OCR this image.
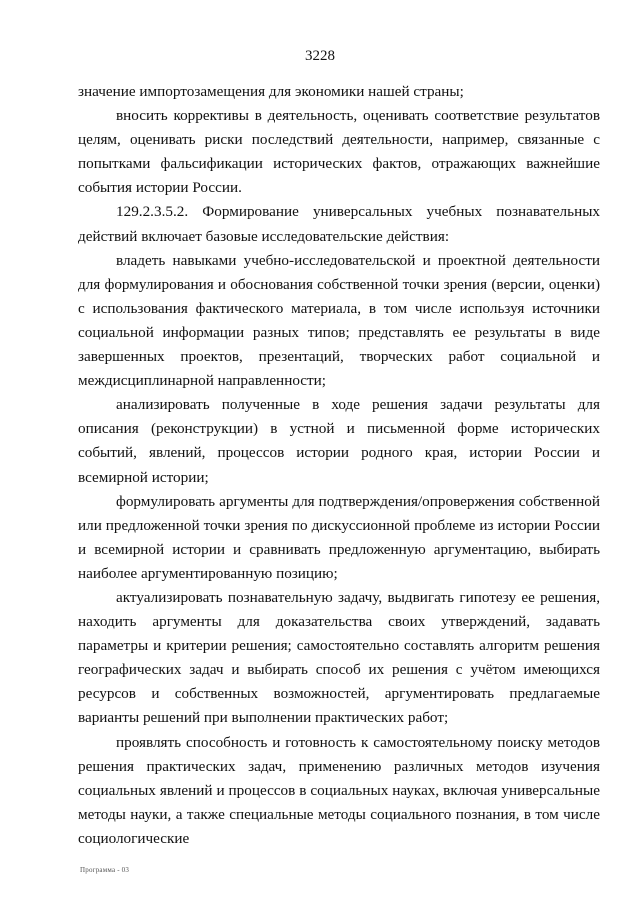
3228

значение импортозамещения для экономики нашей страны;

вносить коррективы в деятельность, оценивать соответствие результатов целям, оценивать риски последствий деятельности, например, связанные с попытками фальсификации исторических фактов, отражающих важнейшие события истории России.

129.2.3.5.2. Формирование универсальных учебных познавательных действий включает базовые исследовательские действия:

владеть навыками учебно-исследовательской и проектной деятельности для формулирования и обоснования собственной точки зрения (версии, оценки) с использования фактического материала, в том числе используя источники социальной информации разных типов; представлять ее результаты в виде завершенных проектов, презентаций, творческих работ социальной и междисциплинарной направленности;

анализировать полученные в ходе решения задачи результаты для описания (реконструкции) в устной и письменной форме исторических событий, явлений, процессов истории родного края, истории России и всемирной истории;

формулировать аргументы для подтверждения/опровержения собственной или предложенной точки зрения по дискуссионной проблеме из истории России и всемирной истории и сравнивать предложенную аргументацию, выбирать наиболее аргументированную позицию;

актуализировать познавательную задачу, выдвигать гипотезу ее решения, находить аргументы для доказательства своих утверждений, задавать параметры и критерии решения; самостоятельно составлять алгоритм решения географических задач и выбирать способ их решения с учётом имеющихся ресурсов и собственных возможностей, аргументировать предлагаемые варианты решений при выполнении практических работ;

проявлять способность и готовность к самостоятельному поиску методов решения практических задач, применению различных методов изучения социальных явлений и процессов в социальных науках, включая универсальные методы науки, а также специальные методы социального познания, в том числе социологические

Программа - 03
